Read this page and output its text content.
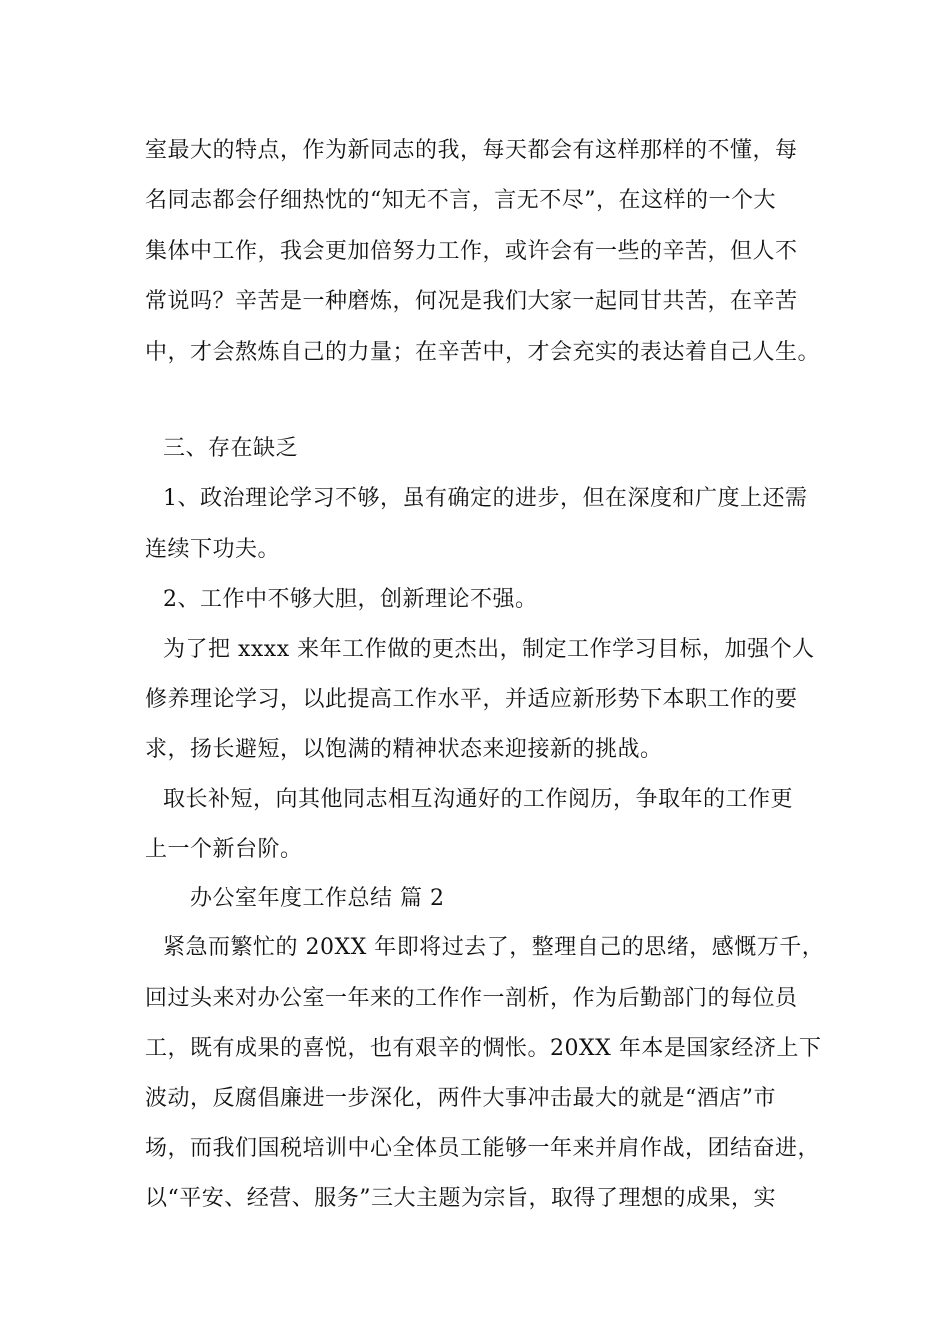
室最大的特点，作为新同志的我，每天都会有这样那样的不懂，每
名同志都会仔细热忱的“知无不言，言无不尽”，在这样的一个大
集体中工作，我会更加倍努力工作，或许会有一些的辛苦，但人不
常说吗？辛苦是一种磨炼，何况是我们大家一起同甘共苦，在辛苦
中，才会熬炼自己的力量；在辛苦中，才会充实的表达着自己人生。
三、存在缺乏
1、政治理论学习不够，虽有确定的进步，但在深度和广度上还需
连续下功夫。
2、工作中不够大胆，创新理论不强。
为了把 xxxx 来年工作做的更杰出，制定工作学习目标，加强个人
修养理论学习，以此提高工作水平，并适应新形势下本职工作的要
求，扬长避短，以饱满的精神状态来迎接新的挑战。
取长补短，向其他同志相互沟通好的工作阅历，争取年的工作更
上一个新台阶。
办公室年度工作总结 篇 2
紧急而繁忙的 20XX 年即将过去了，整理自己的思绪，感慨万千，
回过头来对办公室一年来的工作作一剖析，作为后勤部门的每位员
工，既有成果的喜悦，也有艰辛的惆怅。20XX 年本是国家经济上下
波动，反腐倡廉进一步深化，两件大事冲击最大的就是“酒店”市
场，而我们国税培训中心全体员工能够一年来并肩作战，团结奋进，
以“平安、经营、服务”三大主题为宗旨，取得了理想的成果，实
